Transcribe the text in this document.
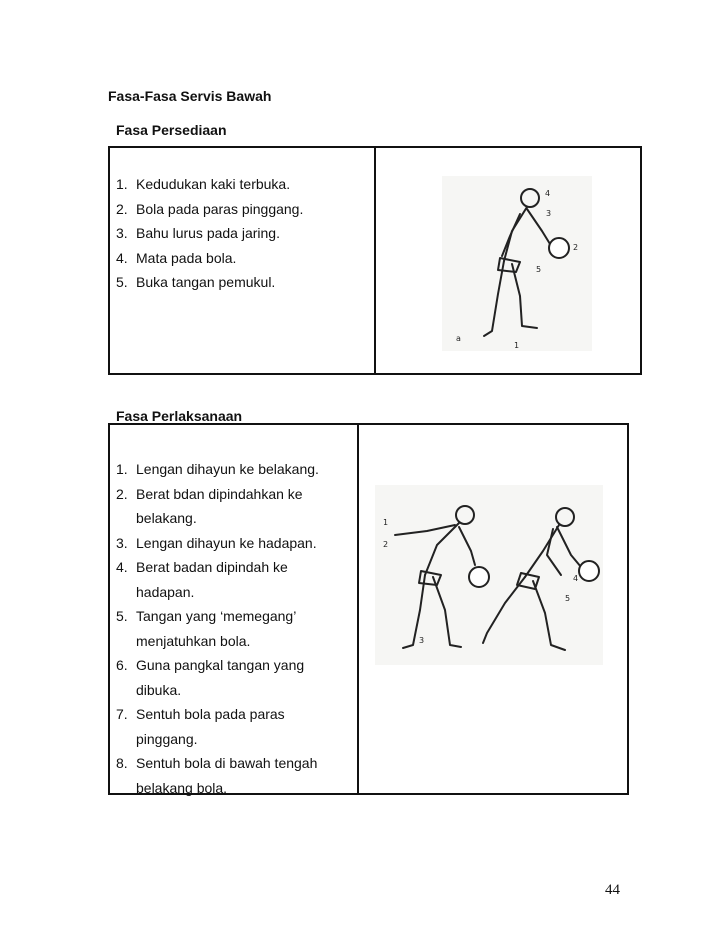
Fasa-Fasa Servis Bawah
Fasa Persediaan
1. Kedudukan kaki terbuka.
2. Bola pada paras pinggang.
3. Bahu lurus pada jaring.
4. Mata pada bola.
5. Buka tangan pemukul.
4
3
2
5
1
a
Fasa Perlaksanaan
1. Lengan dihayun ke belakang.
2. Berat bdan dipindahkan ke belakang.
3. Lengan dihayun ke hadapan.
4. Berat badan dipindah ke hadapan.
5. Tangan yang ‘memegang’ menjatuhkan bola.
6. Guna pangkal tangan yang dibuka.
7. Sentuh bola pada paras pinggang.
8. Sentuh bola di bawah tengah belakang bola.
1
2
3
4
5
44
